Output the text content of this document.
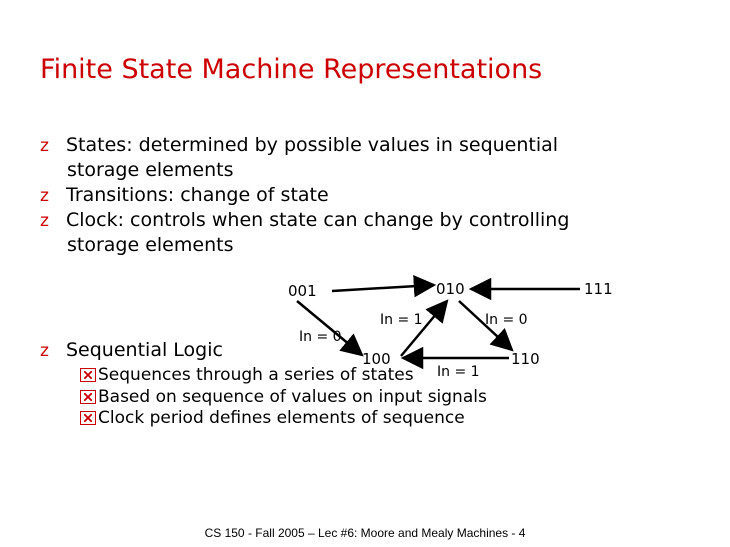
Finite State Machine Representations
z States: determined by possible values in sequential
storage elements
z Transitions: change of state
z Clock: controls when state can change by controlling
storage elements
z Sequential Logic
Sequences through a series of states
Based on sequence of values on input signals
Clock period defines elements of sequence
001	010	111
100	110
In = 1	In = 0
In = 0
In = 1
CS 150 - Fall 2005 – Lec #6: Moore and Mealy Machines - 4
